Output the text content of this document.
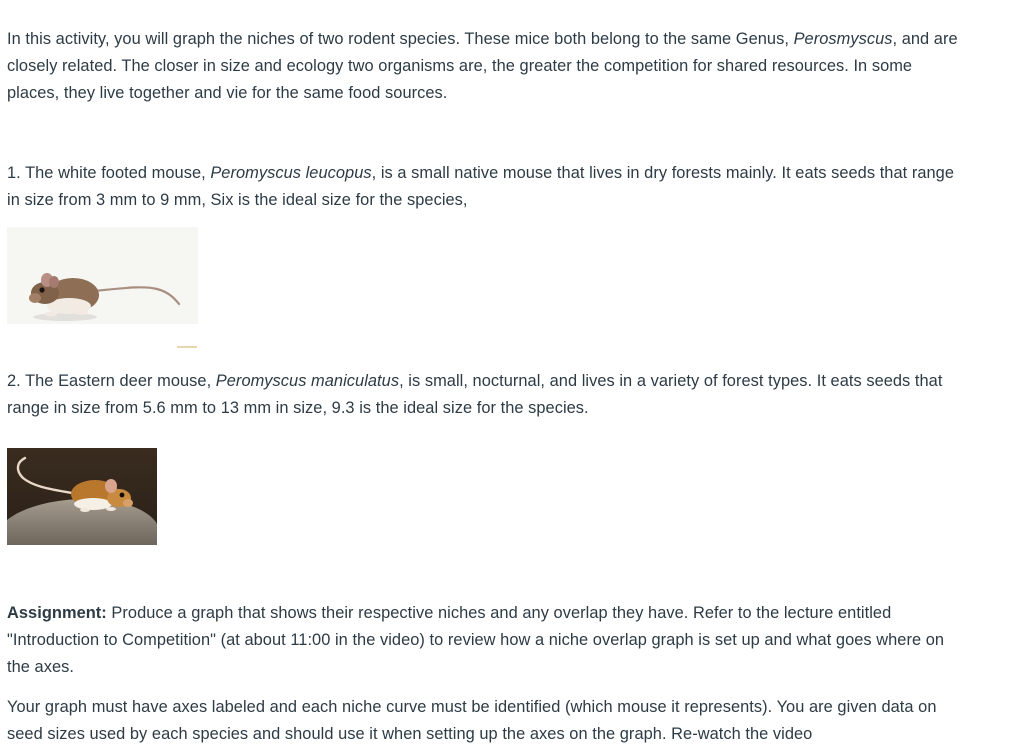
In this activity, you will graph the niches of two rodent species. These mice both belong to the same Genus, Perosmyscus, and are closely related. The closer in size and ecology two organisms are, the greater the competition for shared resources. In some places, they live together and vie for the same food sources.

1. The white footed mouse, Peromyscus leucopus, is a small native mouse that lives in dry forests mainly. It eats seeds that range in size from 3 mm to 9 mm, Six is the ideal size for the species,

2. The Eastern deer mouse, Peromyscus maniculatus, is small, nocturnal, and lives in a variety of forest types. It eats seeds that range in size from 5.6 mm to 13 mm in size, 9.3 is the ideal size for the species.

Assignment: Produce a graph that shows their respective niches and any overlap they have. Refer to the lecture entitled "Introduction to Competition" (at about 11:00 in the video) to review how a niche overlap graph is set up and what goes where on the axes.

Your graph must have axes labeled and each niche curve must be identified (which mouse it represents). You are given data on seed sizes used by each species and should use it when setting up the axes on the graph. Re-watch the video
